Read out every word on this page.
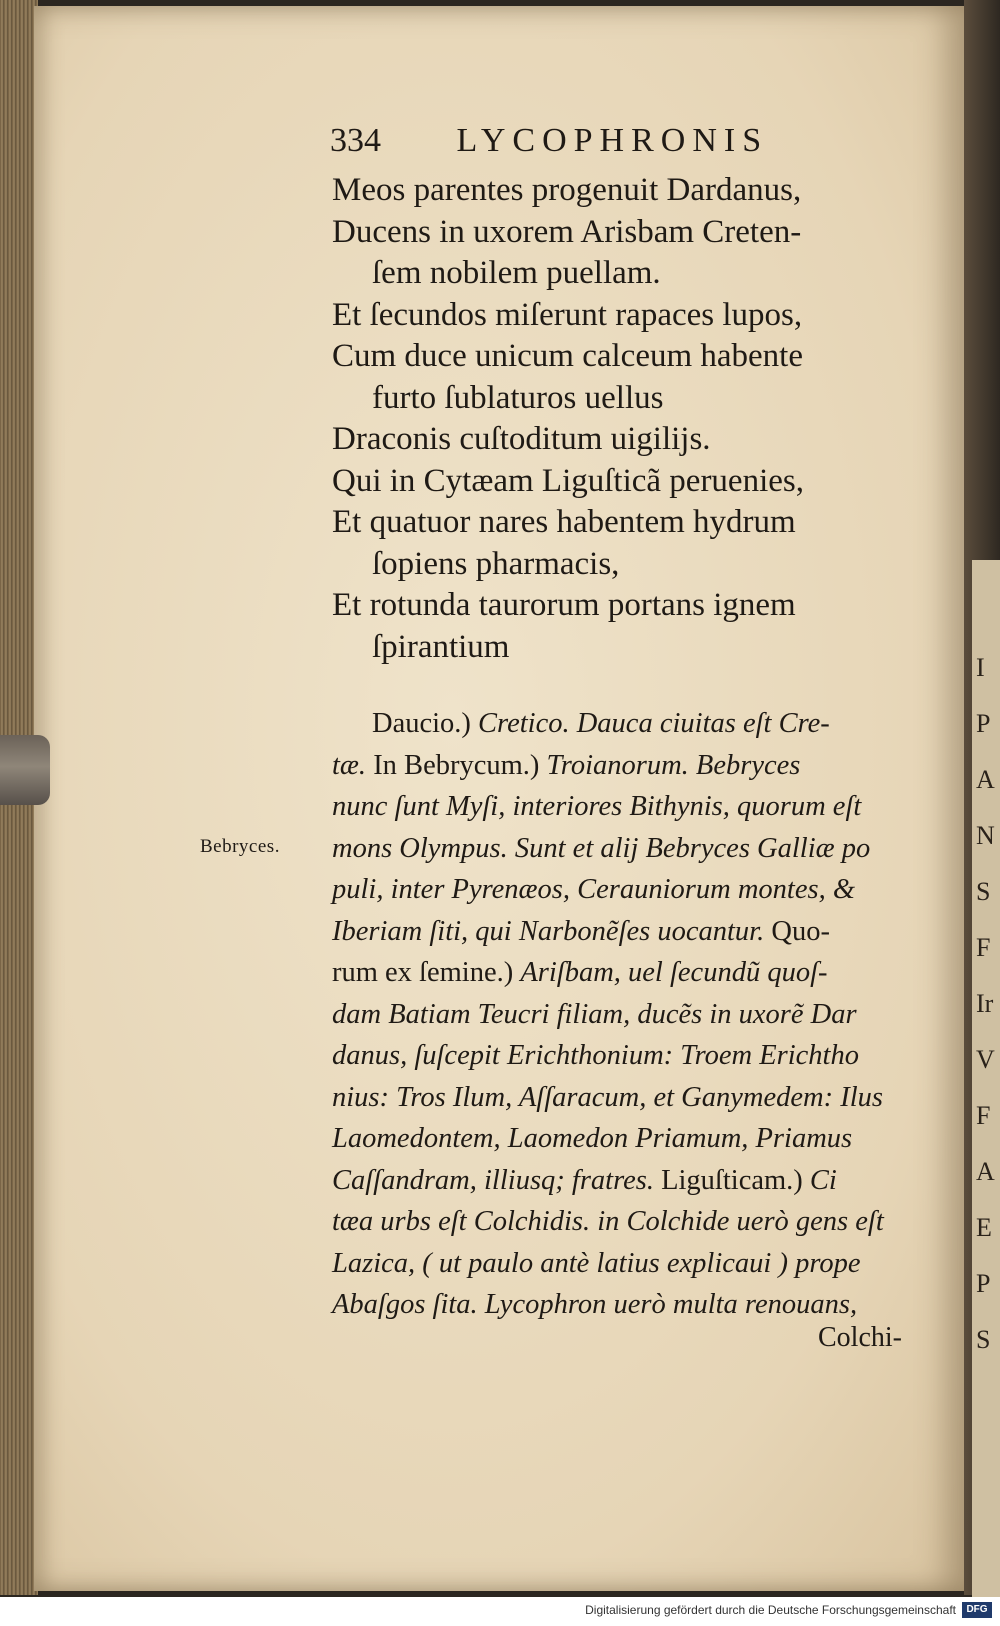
I
P
A
N
S
F
Ir
V
F
A
E
P
S
334 LYCOPHRONIS
Meos parentes progenuit Dardanus,
Ducens in uxorem Arisbam Creten-
ſem nobilem puellam.
Et ſecundos miſerunt rapaces lupos,
Cum duce unicum calceum habente
furto ſublaturos uellus
Draconis cuſtoditum uigilijs.
Qui in Cytæam Liguſticã peruenies,
Et quatuor nares habentem hydrum
ſopiens pharmacis,
Et rotunda taurorum portans ignem
ſpirantium
Bebryces.
Daucio.) Cretico. Dauca ciuitas eſt Cre-
tæ. In Bebrycum.) Troianorum. Bebryces
nunc ſunt Myſi, interiores Bithynis, quorum eſt
mons Olympus. Sunt et alij Bebryces Galliæ po
puli, inter Pyrenæos, Cerauniorum montes, &
Iberiam ſiti, qui Narbonẽſes uocantur. Quo-
rum ex ſemine.) Ariſbam, uel ſecundũ quoſ-
dam Batiam Teucri filiam, ducẽs in uxorẽ Dar
danus, ſuſcepit Erichthonium: Troem Erichtho
nius: Tros Ilum, Aſſaracum, et Ganymedem: Ilus
Laomedontem, Laomedon Priamum, Priamus
Caſſandram, illiusq; fratres. Liguſticam.) Ci
tæa urbs eſt Colchidis. in Colchide uerò gens eſt
Lazica, ( ut paulo antè latius explicaui ) prope
Abaſgos ſita. Lycophron uerò multa renouans,
Colchi-
Digitalisierung gefördert durch die Deutsche Forschungsgemeinschaft	DFG
